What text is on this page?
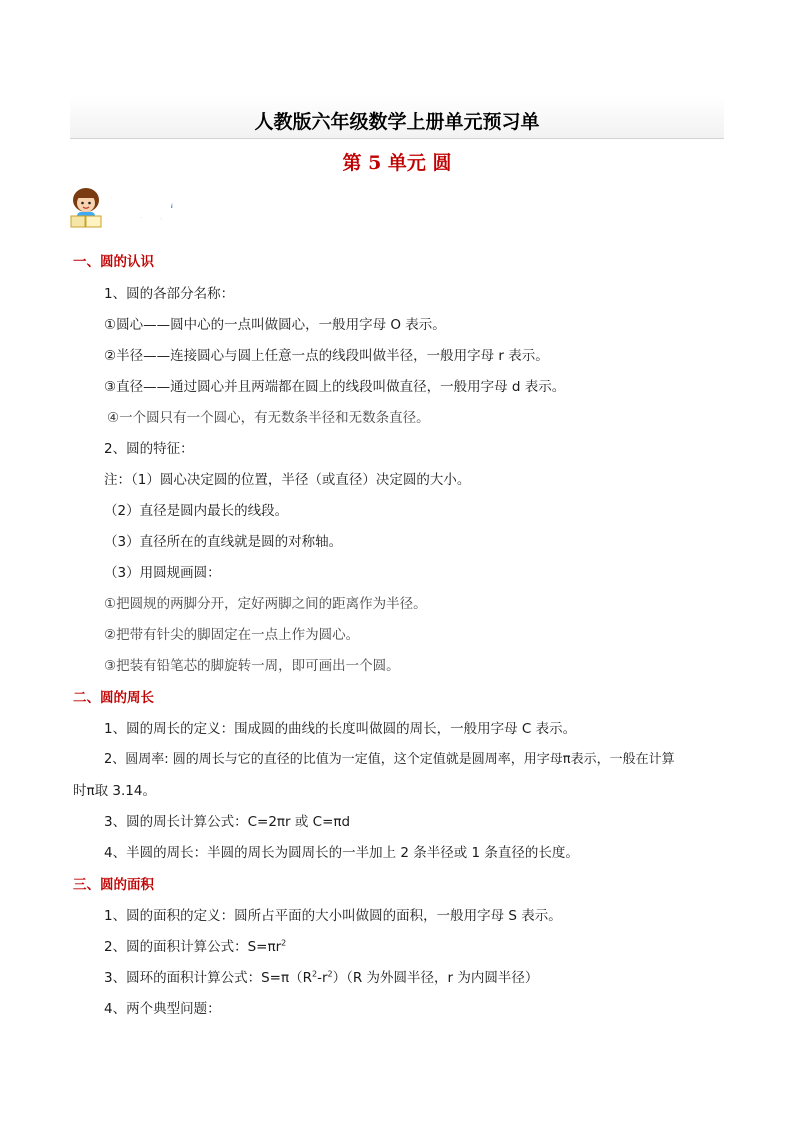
人教版六年级数学上册单元预习单
第 5 单元 圆
知识梳理
一、圆的认识
1、圆的各部分名称：
①圆心——圆中心的一点叫做圆心，一般用字母 O 表示。
②半径——连接圆心与圆上任意一点的线段叫做半径，一般用字母 r 表示。
③直径——通过圆心并且两端都在圆上的线段叫做直径，一般用字母 d 表示。
④一个圆只有一个圆心，有无数条半径和无数条直径。
2、圆的特征：
注：（1）圆心决定圆的位置，半径（或直径）决定圆的大小。
（2）直径是圆内最长的线段。
（3）直径所在的直线就是圆的对称轴。
（3）用圆规画圆：
①把圆规的两脚分开，定好两脚之间的距离作为半径。
②把带有针尖的脚固定在一点上作为圆心。
③把装有铅笔芯的脚旋转一周，即可画出一个圆。
二、圆的周长
1、圆的周长的定义：围成圆的曲线的长度叫做圆的周长，一般用字母 C 表示。
2、圆周率: 圆的周长与它的直径的比值为一定值，这个定值就是圆周率，用字母π表示，一般在计算
时π取 3.14。
3、圆的周长计算公式：C=2πr 或 C=πd
4、半圆的周长：半圆的周长为圆周长的一半加上 2 条半径或 1 条直径的长度。
三、圆的面积
1、圆的面积的定义：圆所占平面的大小叫做圆的面积，一般用字母 S 表示。
2、圆的面积计算公式：$S=\pi r^2$
3、圆环的面积计算公式：$S=\pi(R^2-r^2)(R$ 为外圆半径，r 为内圆半径）
4、两个典型问题：
